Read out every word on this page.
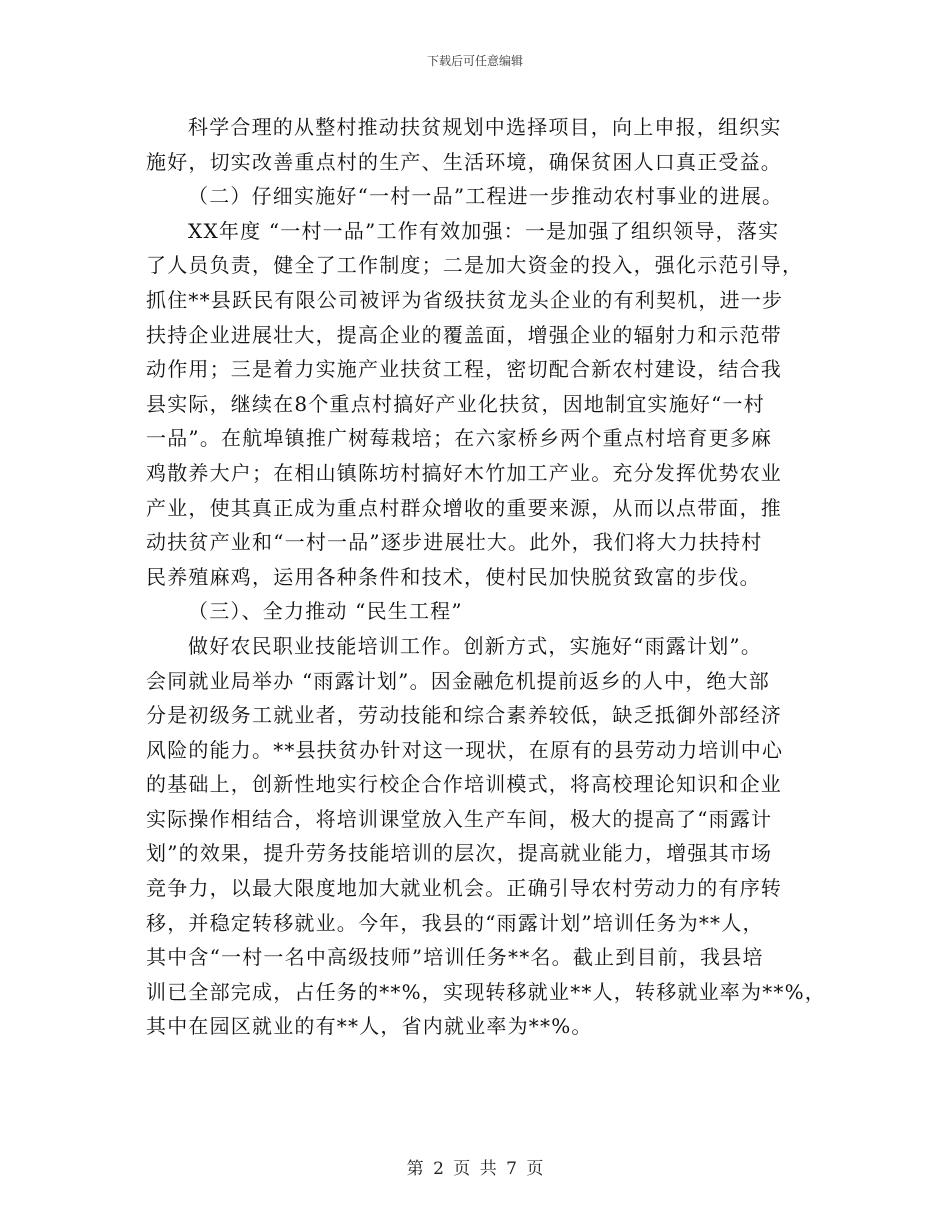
下载后可任意编辑
科学合理的从整村推动扶贫规划中选择项目，向上申报，组织实
施好，切实改善重点村的生产、生活环境，确保贫困人口真正受益。
（二）仔细实施好“一村一品”工程进一步推动农村事业的进展。
XX年度 “一村一品”工作有效加强：一是加强了组织领导，落实
了人员负责，健全了工作制度；二是加大资金的投入，强化示范引导，
抓住**县跃民有限公司被评为省级扶贫龙头企业的有利契机，进一步
扶持企业进展壮大，提高企业的覆盖面，增强企业的辐射力和示范带
动作用；三是着力实施产业扶贫工程，密切配合新农村建设，结合我
县实际，继续在8个重点村搞好产业化扶贫，因地制宜实施好“一村
一品”。在航埠镇推广树莓栽培；在六家桥乡两个重点村培育更多麻
鸡散养大户；在相山镇陈坊村搞好木竹加工产业。充分发挥优势农业
产业，使其真正成为重点村群众增收的重要来源，从而以点带面，推
动扶贫产业和“一村一品”逐步进展壮大。此外，我们将大力扶持村
民养殖麻鸡，运用各种条件和技术，使村民加快脱贫致富的步伐。
（三）、全力推动 “民生工程”
做好农民职业技能培训工作。创新方式，实施好“雨露计划”。
会同就业局举办 “雨露计划”。因金融危机提前返乡的人中，绝大部
分是初级务工就业者，劳动技能和综合素养较低，缺乏抵御外部经济
风险的能力。**县扶贫办针对这一现状，在原有的县劳动力培训中心
的基础上，创新性地实行校企合作培训模式，将高校理论知识和企业
实际操作相结合，将培训课堂放入生产车间，极大的提高了“雨露计
划”的效果，提升劳务技能培训的层次，提高就业能力，增强其市场
竞争力，以最大限度地加大就业机会。正确引导农村劳动力的有序转
移，并稳定转移就业。今年，我县的“雨露计划”培训任务为**人，
其中含“一村一名中高级技师”培训任务**名。截止到目前，我县培
训已全部完成，占任务的**%，实现转移就业**人，转移就业率为**%，
其中在园区就业的有**人，省内就业率为**%。
第 2 页 共 7 页
